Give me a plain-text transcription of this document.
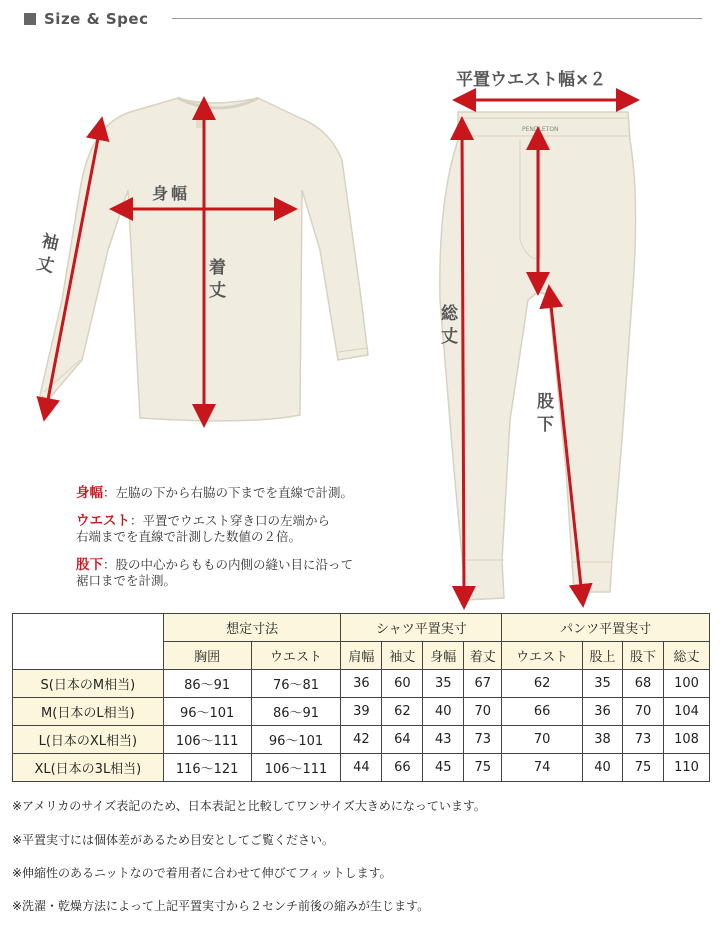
Size & Spec
PENDLETON
平置ウエスト幅×２
身幅
着丈
袖丈
総丈
股下
身幅：左脇の下から右脇の下までを直線で計測。
ウエスト：平置でウエスト穿き口の左端から
右端までを直線で計測した数値の２倍。
股下：股の中心からももの内側の縫い目に沿って
裾口までを計測。
	想定寸法		シャツ平置実寸				パンツ平置実寸			
	胸囲	ウエスト	肩幅	袖丈	身幅	着丈	ウエスト	股上	股下	総丈
S(日本のM相当)	86～91	76～81	36	60	35	67	62	35	68	100
M(日本のL相当)	96～101	86～91	39	62	40	70	66	36	70	104
L(日本のXL相当)	106～111	96～101	42	64	43	73	70	38	73	108
XL(日本の3L相当)	116～121	106～111	44	66	45	75	74	40	75	110
※アメリカのサイズ表記のため、日本表記と比較してワンサイズ大きめになっています。
※平置実寸には個体差があるため目安としてご覧ください。
※伸縮性のあるニットなので着用者に合わせて伸びてフィットします。
※洗濯・乾燥方法によって上記平置実寸から２センチ前後の縮みが生じます。
